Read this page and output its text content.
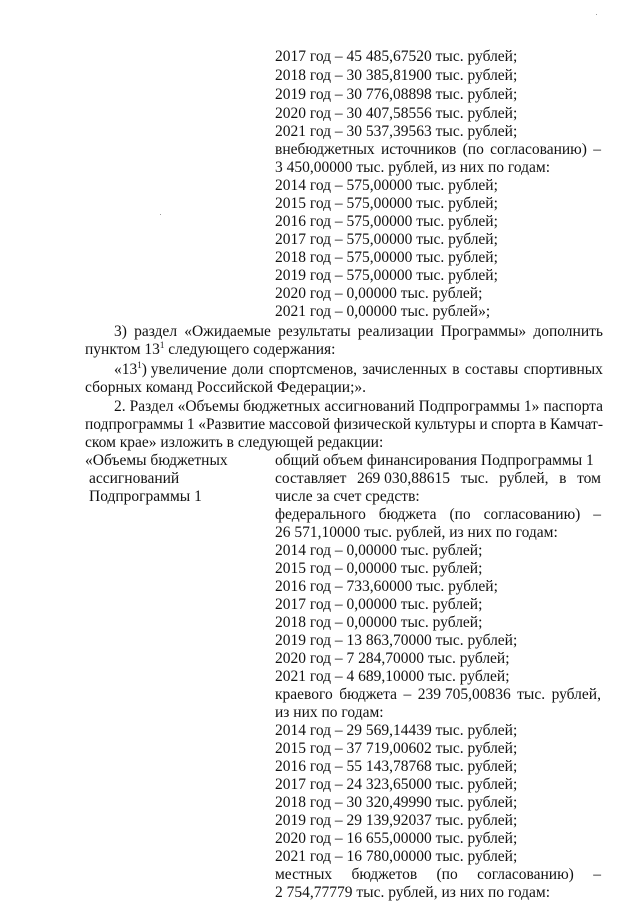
2017 год – 45 485,67520 тыс. рублей;
2018 год – 30 385,81900 тыс. рублей;
2019 год – 30 776,08898 тыс. рублей;
2020 год – 30 407,58556 тыс. рублей;
2021 год – 30 537,39563 тыс. рублей;
внебюджетных источников (по согласованию) –
3 450,00000 тыс. рублей, из них по годам:
2014 год – 575,00000 тыс. рублей;
2015 год – 575,00000 тыс. рублей;
2016 год – 575,00000 тыс. рублей;
2017 год – 575,00000 тыс. рублей;
2018 год – 575,00000 тыс. рублей;
2019 год – 575,00000 тыс. рублей;
2020 год – 0,00000 тыс. рублей;
2021 год – 0,00000 тыс. рублей»;
3) раздел «Ожидаемые результаты реализации Программы» дополнить
пунктом $13^1$ следующего содержания:
«$13^1$) увеличение доли спортсменов, зачисленных в составы спортивных
сборных команд Российской Федерации;».
2. Раздел «Объемы бюджетных ассигнований Подпрограммы 1» паспорта
подпрограммы 1 «Развитие массовой физической культуры и спорта в Камчат-
ском крае» изложить в следующей редакции:
«Объемы бюджетных
ассигнований
Подпрограммы 1
общий объем финансирования Подпрограммы 1
составляет 269 030,88615 тыс. рублей, в том
числе за счет средств:
федерального бюджета (по согласованию) –
26 571,10000 тыс. рублей, из них по годам:
2014 год – 0,00000 тыс. рублей;
2015 год – 0,00000 тыс. рублей;
2016 год – 733,60000 тыс. рублей;
2017 год – 0,00000 тыс. рублей;
2018 год – 0,00000 тыс. рублей;
2019 год – 13 863,70000 тыс. рублей;
2020 год – 7 284,70000 тыс. рублей;
2021 год – 4 689,10000 тыс. рублей;
краевого бюджета – 239 705,00836 тыс. рублей,
из них по годам:
2014 год – 29 569,14439 тыс. рублей;
2015 год – 37 719,00602 тыс. рублей;
2016 год – 55 143,78768 тыс. рублей;
2017 год – 24 323,65000 тыс. рублей;
2018 год – 30 320,49990 тыс. рублей;
2019 год – 29 139,92037 тыс. рублей;
2020 год – 16 655,00000 тыс. рублей;
2021 год – 16 780,00000 тыс. рублей;
местных бюджетов (по согласованию) –
2 754,77779 тыс. рублей, из них по годам:
